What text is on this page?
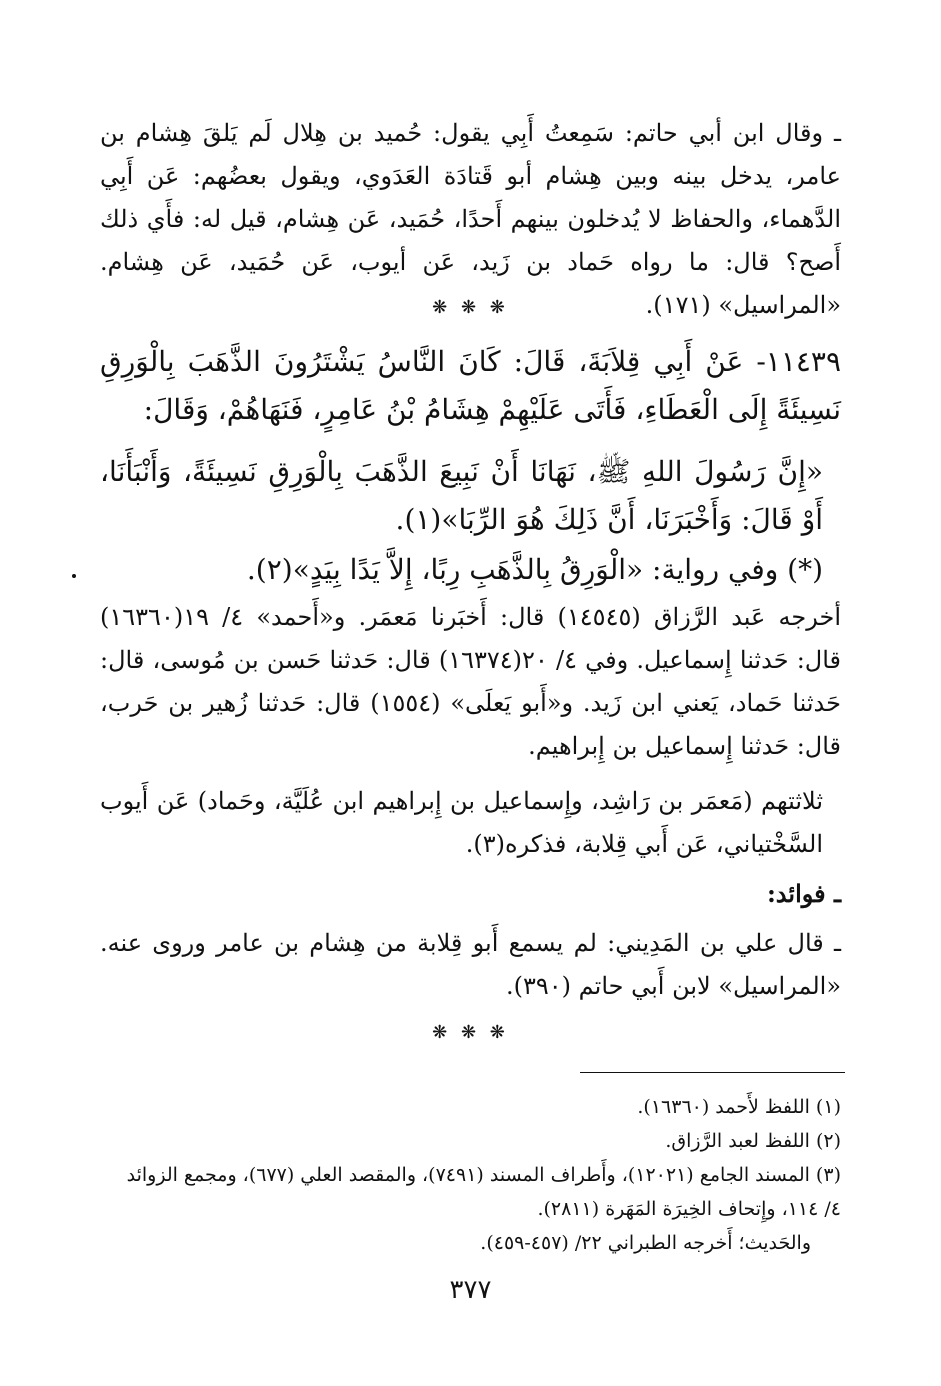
ـ وقال ابن أبي حاتم: سَمِعتُ أَبِي يقول: حُميد بن هِلال لَم يَلقَ هِشام بن عامر، يدخل بينه وبين هِشام أبو قَتادَة العَدَوي، ويقول بعضُهم: عَن أَبِي الدَّهماء، والحفاظ لا يُدخلون بينهم أَحدًا، حُمَيد، عَن هِشام، قيل له: فأَي ذلك أَصح؟ قال: ما رواه حَماد بن زَيد، عَن أيوب، عَن حُمَيد، عَن هِشام. «المراسيل» (١٧١).
❋ ❋ ❋
١١٤٣٩- عَنْ أَبِي قِلاَبَةَ، قَالَ: كَانَ النَّاسُ يَشْتَرُونَ الذَّهَبَ بِالْوَرِقِ نَسِيئَةً إِلَى الْعَطَاءِ، فَأَتَى عَلَيْهِمْ هِشَامُ بْنُ عَامِرٍ، فَنَهَاهُمْ، وَقَالَ:
«إِنَّ رَسُولَ اللهِ ﷺ، نَهَانَا أَنْ نَبِيعَ الذَّهَبَ بِالْوَرِقِ نَسِيئَةً، وَأَنْبَأَنَا، أَوْ قَالَ: وَأَخْبَرَنَا، أَنَّ ذَلِكَ هُوَ الرِّبَا»(١).
(*) وفي رواية: «الْوَرِقُ بِالذَّهَبِ رِبًا، إِلاَّ يَدًا بِيَدٍ»(٢).
أخرجه عَبد الرَّزاق (١٤٥٤٥) قال: أَخبَرنا مَعمَر. و«أَحمد» ٤/ ١٩(١٦٣٦٠) قال: حَدثنا إِسماعيل. وفي ٤/ ٢٠(١٦٣٧٤) قال: حَدثنا حَسن بن مُوسى، قال: حَدثنا حَماد، يَعني ابن زَيد. و«أَبو يَعلَى» (١٥٥٤) قال: حَدثنا زُهير بن حَرب، قال: حَدثنا إِسماعيل بن إِبراهيم.
ثلاثتهم (مَعمَر بن رَاشِد، وإِسماعيل بن إِبراهيم ابن عُلَيَّة، وحَماد) عَن أَيوب السَّخْتياني، عَن أَبي قِلابة، فذكره(٣).
ـ فوائد:
ـ قال علي بن المَدِيني: لم يسمع أَبو قِلابة من هِشام بن عامر وروى عنه. «المراسيل» لابن أَبي حاتم (٣٩٠).
❋ ❋ ❋
(١) اللفظ لأَحمد (١٦٣٦٠).
(٢) اللفظ لعبد الرَّزاق.
(٣) المسند الجامع (١٢٠٢١)، وأَطراف المسند (٧٤٩١)، والمقصد العلي (٦٧٧)، ومجمع الزوائد ٤/ ١١٤، وإِتحاف الخِيرَة المَهَرة (٢٨١١).
والحَديث؛ أَخرجه الطبراني ٢٢/ (٤٥٧-٤٥٩).
٣٧٧
